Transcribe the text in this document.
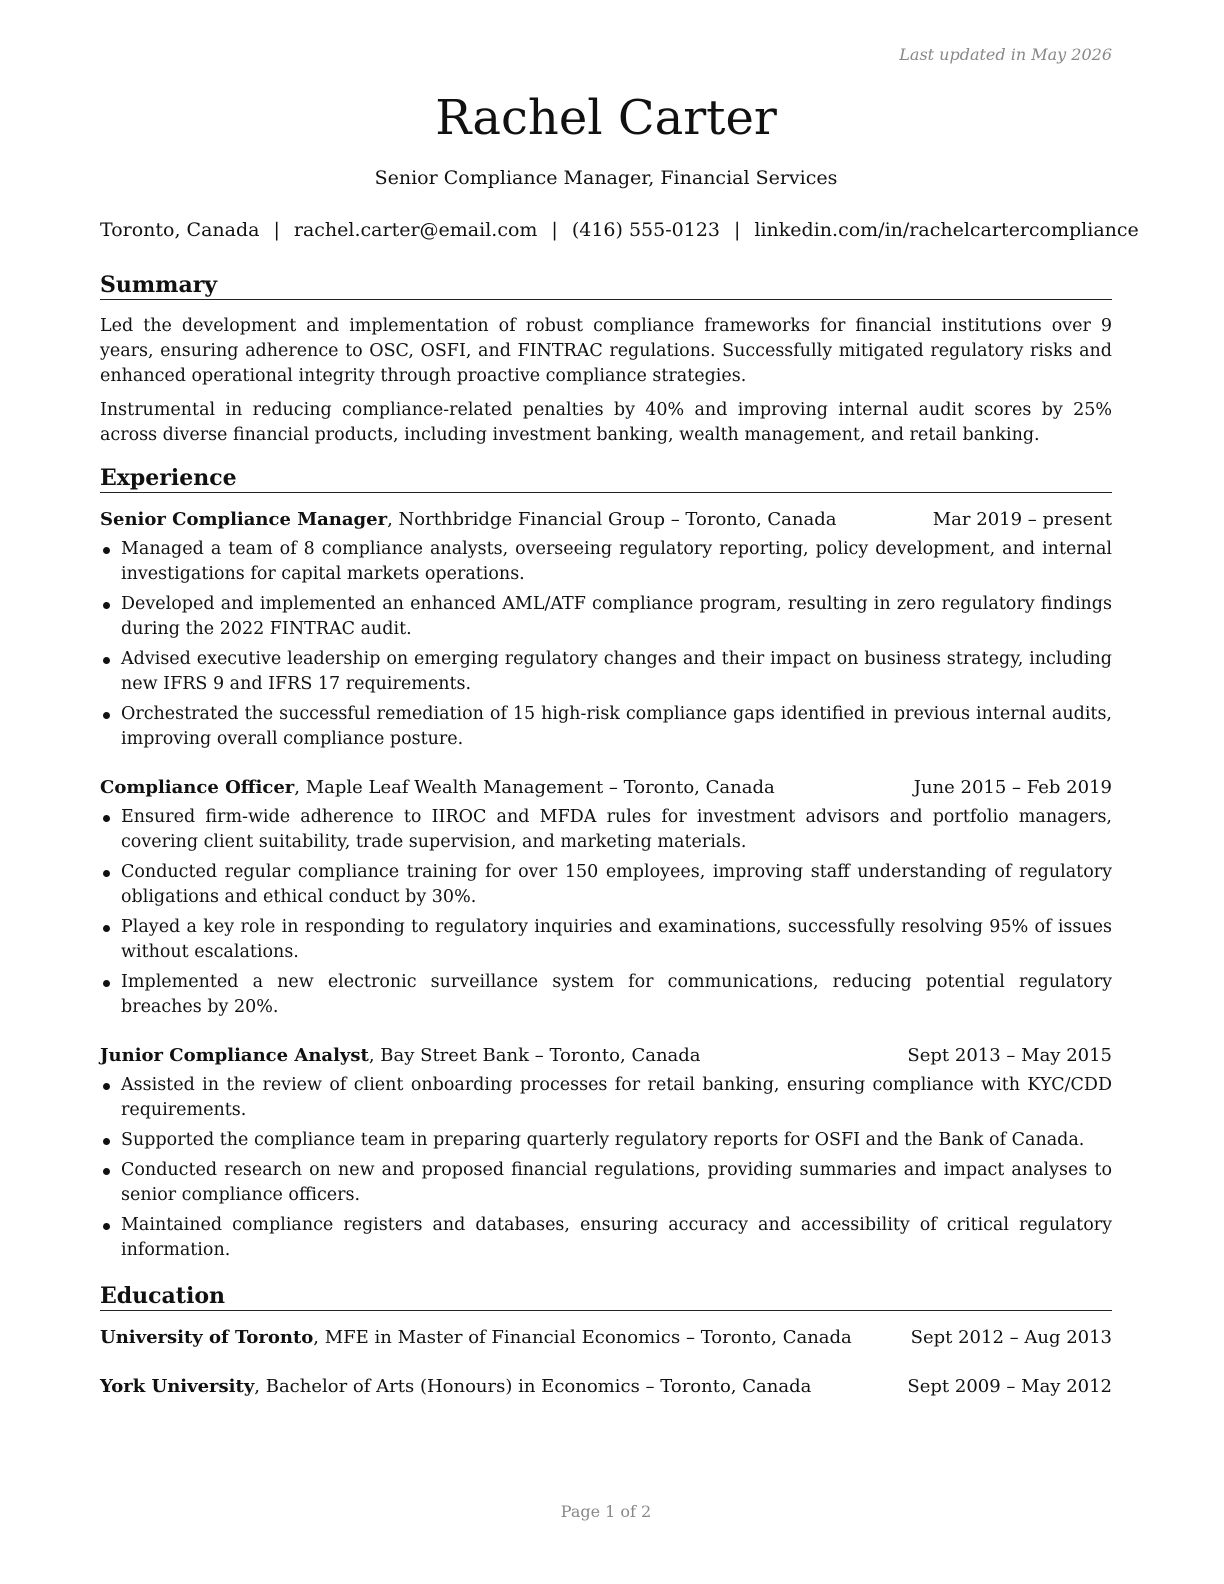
Last updated in May 2026
Rachel Carter
Senior Compliance Manager, Financial Services
Toronto, Canada | rachel.carter@email.com | (416) 555-0123 | linkedin.com/in/rachelcartercompliance
Summary
Led the development and implementation of robust compliance frameworks for financial institutions over 9 years, ensuring adherence to OSC, OSFI, and FINTRAC regulations. Successfully mitigated regulatory risks and enhanced operational integrity through proactive compliance strategies.
Instrumental in reducing compliance-related penalties by 40% and improving internal audit scores by 25% across diverse financial products, including investment banking, wealth management, and retail banking.
Experience
Senior Compliance Manager, Northbridge Financial Group – Toronto, Canada	Mar 2019 – present
Managed a team of 8 compliance analysts, overseeing regulatory reporting, policy development, and internal investigations for capital markets operations.
Developed and implemented an enhanced AML/ATF compliance program, resulting in zero regulatory findings during the 2022 FINTRAC audit.
Advised executive leadership on emerging regulatory changes and their impact on business strategy, including new IFRS 9 and IFRS 17 requirements.
Orchestrated the successful remediation of 15 high-risk compliance gaps identified in previous internal audits, improving overall compliance posture.
Compliance Officer, Maple Leaf Wealth Management – Toronto, Canada	June 2015 – Feb 2019
Ensured firm-wide adherence to IIROC and MFDA rules for investment advisors and portfolio managers, covering client suitability, trade supervision, and marketing materials.
Conducted regular compliance training for over 150 employees, improving staff understanding of regulatory obligations and ethical conduct by 30%.
Played a key role in responding to regulatory inquiries and examinations, successfully resolving 95% of issues without escalations.
Implemented a new electronic surveillance system for communications, reducing potential regulatory breaches by 20%.
Junior Compliance Analyst, Bay Street Bank – Toronto, Canada	Sept 2013 – May 2015
Assisted in the review of client onboarding processes for retail banking, ensuring compliance with KYC/CDD requirements.
Supported the compliance team in preparing quarterly regulatory reports for OSFI and the Bank of Canada.
Conducted research on new and proposed financial regulations, providing summaries and impact analyses to senior compliance officers.
Maintained compliance registers and databases, ensuring accuracy and accessibility of critical regulatory information.
Education
University of Toronto, MFE in Master of Financial Economics – Toronto, Canada	Sept 2012 – Aug 2013
York University, Bachelor of Arts (Honours) in Economics – Toronto, Canada	Sept 2009 – May 2012
Page 1 of 2
